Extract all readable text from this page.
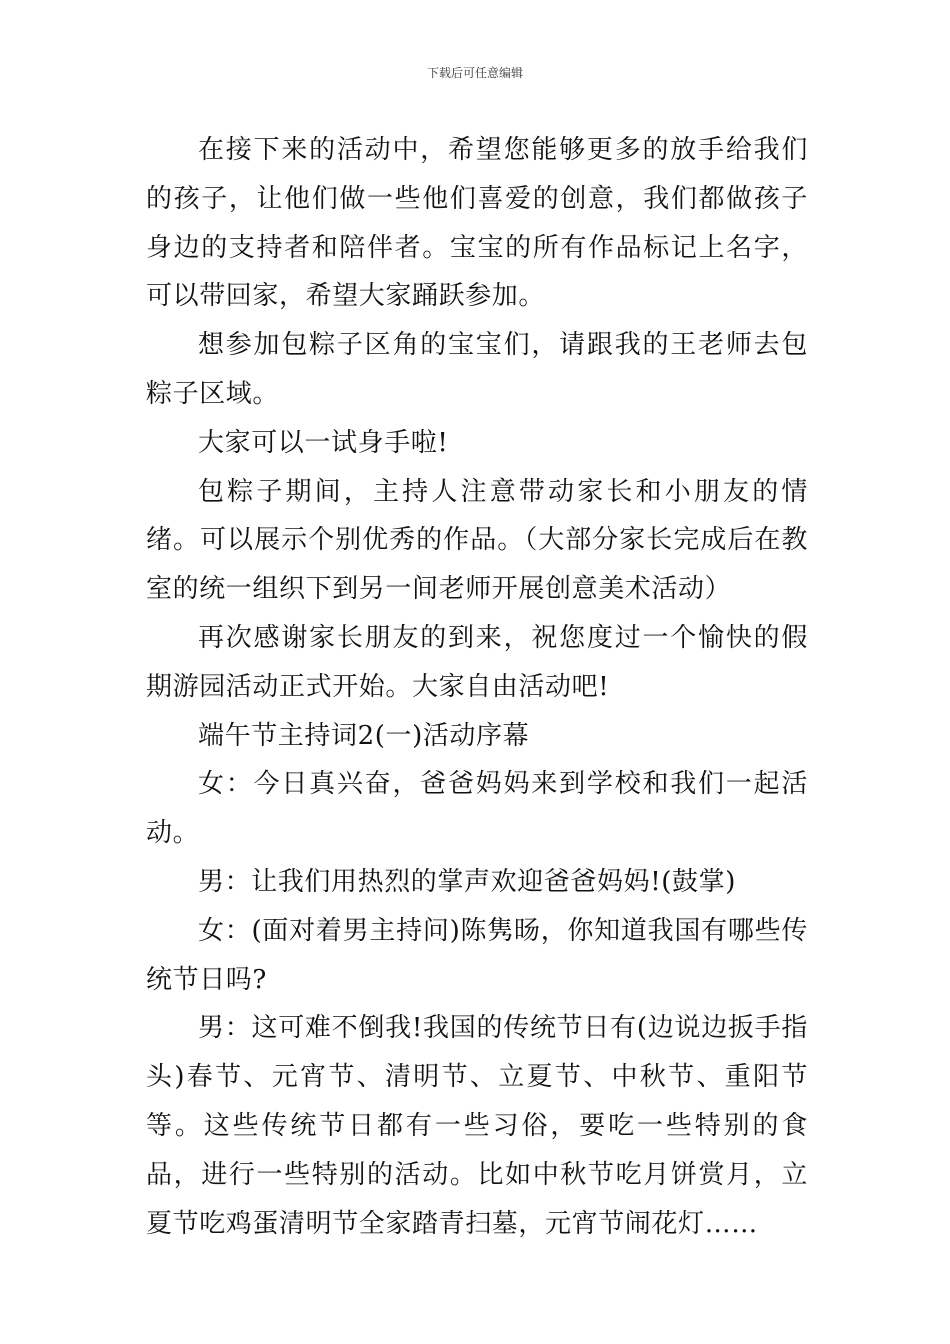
下载后可任意编辑

在接下来的活动中，希望您能够更多的放手给我们的孩子，让他们做一些他们喜爱的创意，我们都做孩子身边的支持者和陪伴者。宝宝的所有作品标记上名字，可以带回家，希望大家踊跃参加。

想参加包粽子区角的宝宝们，请跟我的王老师去包粽子区域。

大家可以一试身手啦!

包粽子期间，主持人注意带动家长和小朋友的情绪。可以展示个别优秀的作品。（大部分家长完成后在教室的统一组织下到另一间老师开展创意美术活动）

再次感谢家长朋友的到来，祝您度过一个愉快的假期游园活动正式开始。大家自由活动吧!

端午节主持词2(一)活动序幕

女：今日真兴奋，爸爸妈妈来到学校和我们一起活动。

男：让我们用热烈的掌声欢迎爸爸妈妈!(鼓掌)

女：(面对着男主持问)陈隽旸，你知道我国有哪些传统节日吗?

男：这可难不倒我!我国的传统节日有(边说边扳手指头)春节、元宵节、清明节、立夏节、中秋节、重阳节等。这些传统节日都有一些习俗，要吃一些特别的食品，进行一些特别的活动。比如中秋节吃月饼赏月，立夏节吃鸡蛋清明节全家踏青扫墓，元宵节闹花灯……
